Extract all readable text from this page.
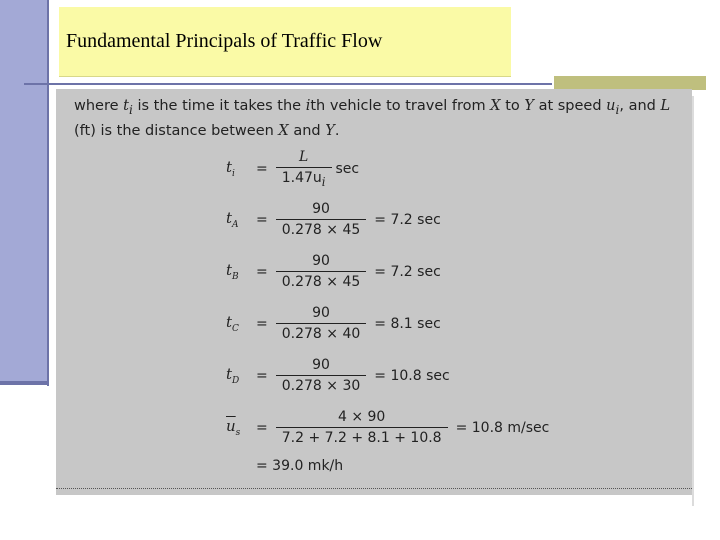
Fundamental Principals of Traffic Flow
where $t_i$ is the time it takes the ith vehicle to travel from X to Y at speed $u_i$, and L (ft) is the distance between X and Y.
$t_i$	= $\frac{L}{1.47u_i}$ sec
$t_A$	= $\frac{90}{0.278 \times 45} = 7.2$ sec
$t_B$	= $\frac{90}{0.278 \times 45} = 7.2$ sec
$t_C$	= $\frac{90}{0.278 \times 40} = 8.1$ sec
$t_D$	= $\frac{90}{0.278 \times 30} = 10.8$ sec
$\overline{u}_s$	= $\frac{4 \times 90}{7.2 + 7.2 + 8.1 + 10.8} = 10.8$ m/sec
= 39.0 mk/h
